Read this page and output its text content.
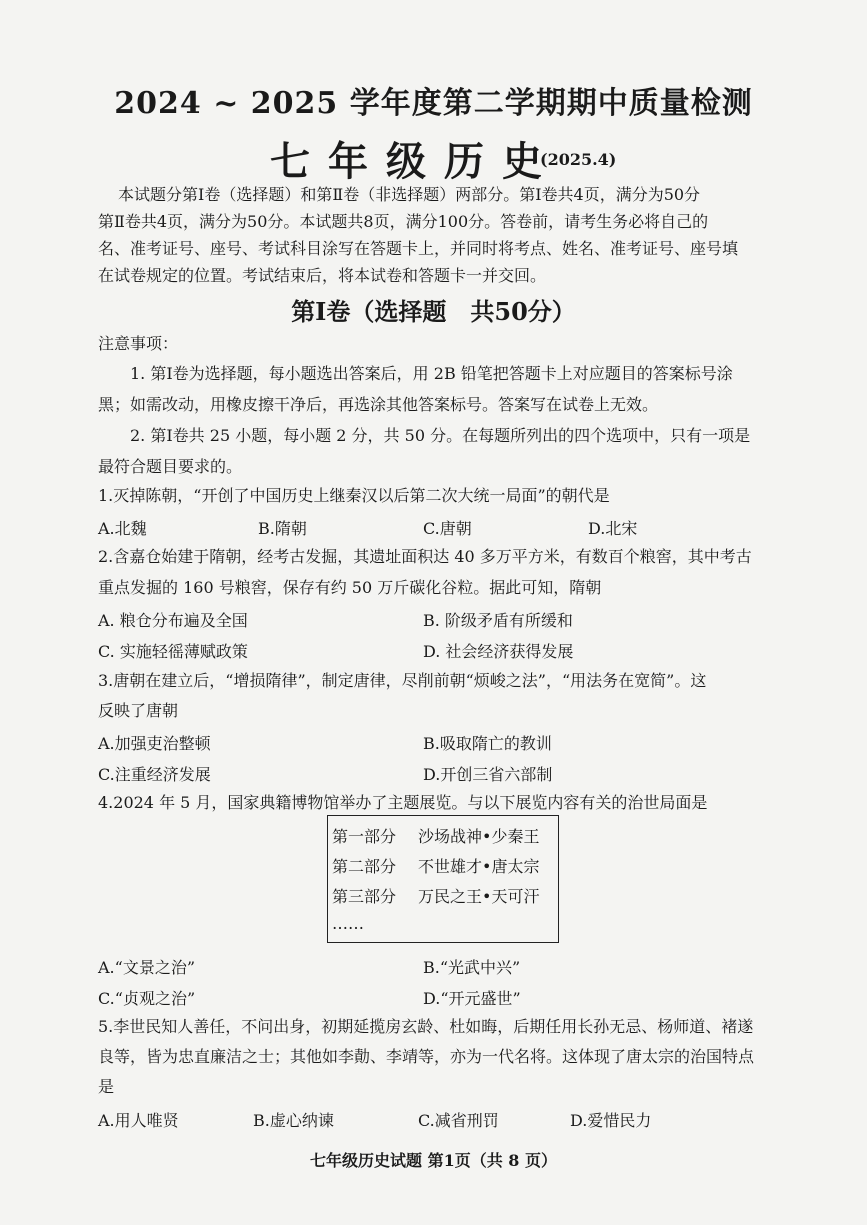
2024 ~ 2025 学年度第二学期期中质量检测
七年级历史
(2025.4)
本试题分第Ⅰ卷（选择题）和第Ⅱ卷（非选择题）两部分。第Ⅰ卷共4页，满分为50分
第Ⅱ卷共4页，满分为50分。本试题共8页，满分100分。答卷前，请考生务必将自己的
名、准考证号、座号、考试科目涂写在答题卡上，并同时将考点、姓名、准考证号、座号填
在试卷规定的位置。考试结束后，将本试卷和答题卡一并交回。
第Ⅰ卷（选择题　共50分）
注意事项：
1. 第Ⅰ卷为选择题，每小题选出答案后，用 2B 铅笔把答题卡上对应题目的答案标号涂
黑；如需改动，用橡皮擦干净后，再选涂其他答案标号。答案写在试卷上无效。
2. 第Ⅰ卷共 25 小题，每小题 2 分，共 50 分。在每题所列出的四个选项中，只有一项是
最符合题目要求的。
1.灭掉陈朝，“开创了中国历史上继秦汉以后第二次大统一局面”的朝代是
A.北魏	B.隋朝	C.唐朝	D.北宋
2.含嘉仓始建于隋朝，经考古发掘，其遗址面积达 40 多万平方米，有数百个粮窖，其中考古
重点发掘的 160 号粮窖，保存有约 50 万斤碳化谷粒。据此可知，隋朝
A. 粮仓分布遍及全国	B. 阶级矛盾有所缓和
C. 实施轻徭薄赋政策	D. 社会经济获得发展
3.唐朝在建立后，“增损隋律”，制定唐律，尽削前朝“烦峻之法”，“用法务在宽简”。这
反映了唐朝
A.加强吏治整顿	B.吸取隋亡的教训
C.注重经济发展	D.开创三省六部制
4.2024 年 5 月，国家典籍博物馆举办了主题展览。与以下展览内容有关的治世局面是
第一部分 沙场战神•少秦王
第二部分 不世雄才•唐太宗
第三部分 万民之王•天可汗
……
A.“文景之治”	B.“光武中兴”
C.“贞观之治”	D.“开元盛世”
5.李世民知人善任，不问出身，初期延揽房玄龄、杜如晦，后期任用长孙无忌、杨师道、褚遂
良等，皆为忠直廉洁之士；其他如李勣、李靖等，亦为一代名将。这体现了唐太宗的治国特点
是
A.用人唯贤	B.虚心纳谏	C.减省刑罚	D.爱惜民力
七年级历史试题 第1页（共 8 页）
